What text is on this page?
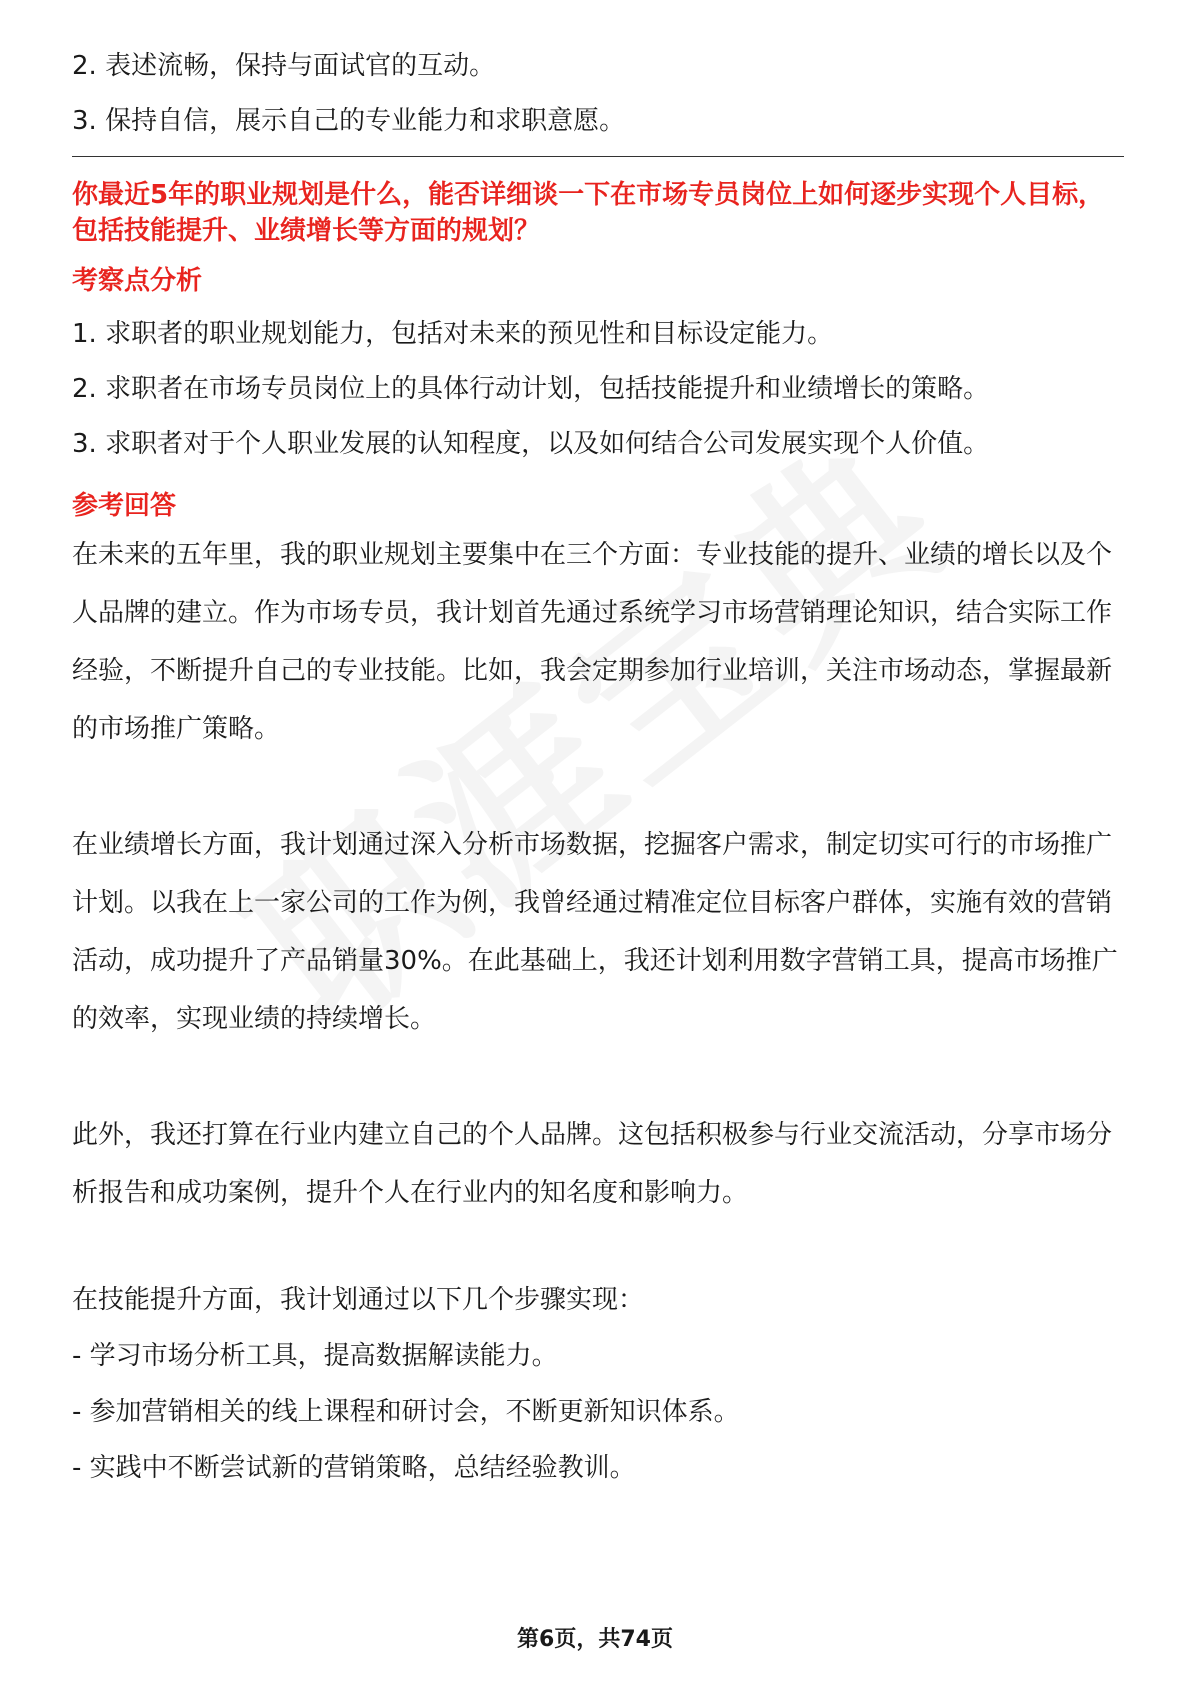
2. 表述流畅，保持与面试官的互动。

3. 保持自信，展示自己的专业能力和求职意愿。

你最近5年的职业规划是什么，能否详细谈一下在市场专员岗位上如何逐步实现个人目标，包括技能提升、业绩增长等方面的规划？

考察点分析

1. 求职者的职业规划能力，包括对未来的预见性和目标设定能力。

2. 求职者在市场专员岗位上的具体行动计划，包括技能提升和业绩增长的策略。

3. 求职者对于个人职业发展的认知程度，以及如何结合公司发展实现个人价值。

参考回答

在未来的五年里，我的职业规划主要集中在三个方面：专业技能的提升、业绩的增长以及个人品牌的建立。作为市场专员，我计划首先通过系统学习市场营销理论知识，结合实际工作经验，不断提升自己的专业技能。比如，我会定期参加行业培训，关注市场动态，掌握最新的市场推广策略。

在业绩增长方面，我计划通过深入分析市场数据，挖掘客户需求，制定切实可行的市场推广计划。以我在上一家公司的工作为例，我曾经通过精准定位目标客户群体，实施有效的营销活动，成功提升了产品销量30%。在此基础上，我还计划利用数字营销工具，提高市场推广的效率，实现业绩的持续增长。

此外，我还打算在行业内建立自己的个人品牌。这包括积极参与行业交流活动，分享市场分析报告和成功案例，提升个人在行业内的知名度和影响力。

在技能提升方面，我计划通过以下几个步骤实现：

- 学习市场分析工具，提高数据解读能力。

- 参加营销相关的线上课程和研讨会，不断更新知识体系。

- 实践中不断尝试新的营销策略，总结经验教训。

第6页，共74页
